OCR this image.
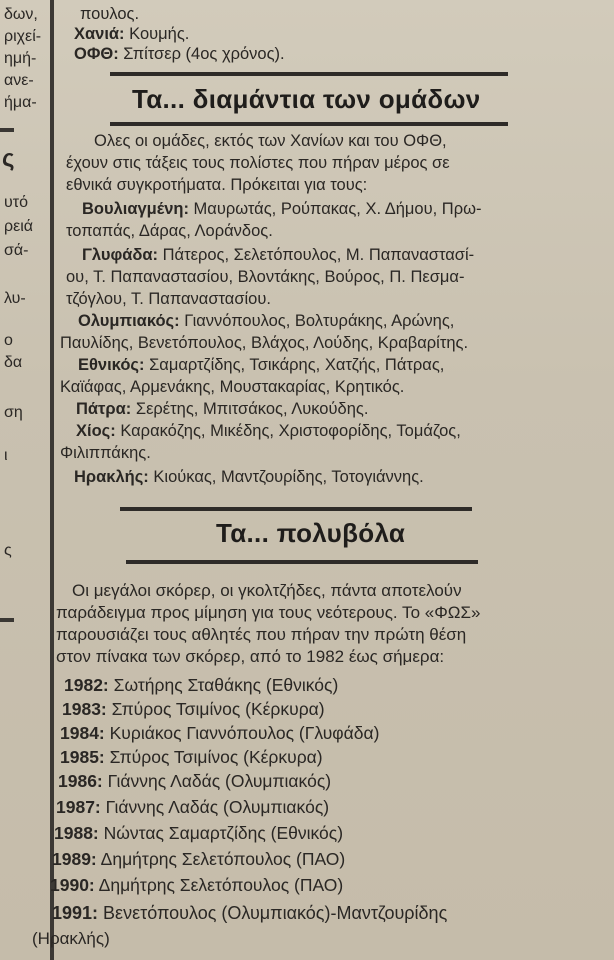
δων,
ριχεί-
ημή-
ανε-
ήμα-
ς
υτό
ρειά
σά-
λυ-
ο
δα
ση
ι
ς
πουλος.
Χανιά: Κουμής.
ΟΦΘ: Σπίτσερ (4ος χρόνος).
Τα... διαμάντια των ομάδων
Ολες οι ομάδες, εκτός των Χανίων και του ΟΦΘ,
έχουν στις τάξεις τους πολίστες που πήραν μέρος σε
εθνικά συγκροτήματα. Πρόκειται για τους:
Βουλιαγμένη: Μαυρωτάς, Ρούπακας, Χ. Δήμου, Πρω-
τοπαπάς, Δάρας, Λοράνδος.
Γλυφάδα: Πάτερος, Σελετόπουλος, Μ. Παπαναστασί-
ου, Τ. Παπαναστασίου, Βλοντάκης, Βούρος, Π. Πεσμα-
τζόγλου, Τ. Παπαναστασίου.
Ολυμπιακός: Γιαννόπουλος, Βολτυράκης, Αρώνης,
Παυλίδης, Βενετόπουλος, Βλάχος, Λούδης, Κραβαρίτης.
Εθνικός: Σαμαρτζίδης, Τσικάρης, Χατζής, Πάτρας,
Καϊάφας, Αρμενάκης, Μουστακαρίας, Κρητικός.
Πάτρα: Σερέτης, Μπιτσάκος, Λυκούδης.
Χίος: Καρακόζης, Μικέδης, Χριστοφορίδης, Τομάζος,
Φιλιππάκης.
Ηρακλής: Κιούκας, Μαντζουρίδης, Τοτογιάννης.
Τα... πολυβόλα
Οι μεγάλοι σκόρερ, οι γκολτζήδες, πάντα αποτελούν
παράδειγμα προς μίμηση για τους νεότερους. Το «ΦΩΣ»
παρουσιάζει τους αθλητές που πήραν την πρώτη θέση
στον πίνακα των σκόρερ, από το 1982 έως σήμερα:
1982: Σωτήρης Σταθάκης (Εθνικός)
1983: Σπύρος Τσιμίνος (Κέρκυρα)
1984: Κυριάκος Γιαννόπουλος (Γλυφάδα)
1985: Σπύρος Τσιμίνος (Κέρκυρα)
1986: Γιάννης Λαδάς (Ολυμπιακός)
1987: Γιάννης Λαδάς (Ολυμπιακός)
1988: Νώντας Σαμαρτζίδης (Εθνικός)
1989: Δημήτρης Σελετόπουλος (ΠΑΟ)
1990: Δημήτρης Σελετόπουλος (ΠΑΟ)
1991: Βενετόπουλος (Ολυμπιακός)-Μαντζουρίδης
(Ηρακλής)
